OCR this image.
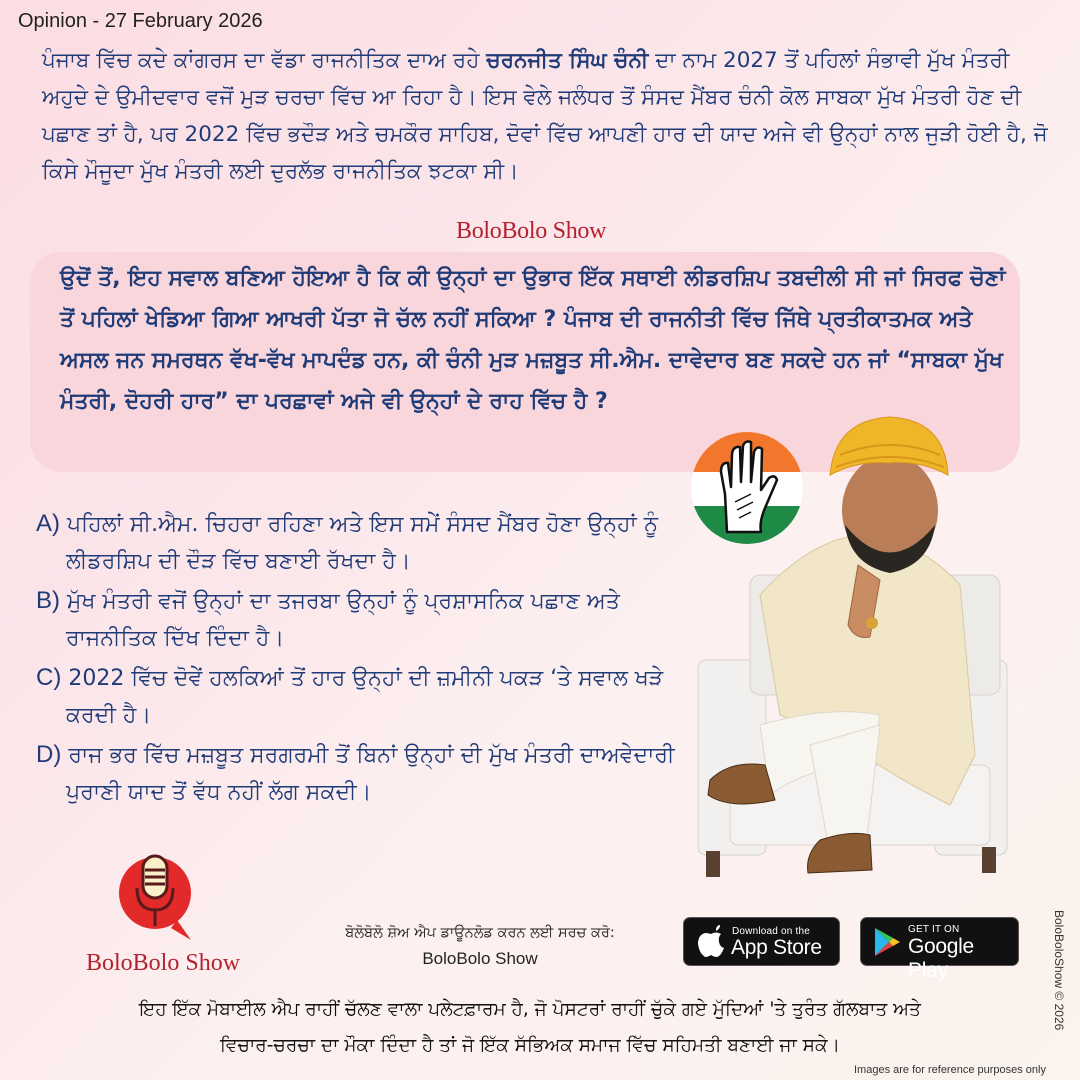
Opinion - 27 February 2026
ਪੰਜਾਬ ਵਿੱਚ ਕਦੇ ਕਾਂਗਰਸ ਦਾ ਵੱਡਾ ਰਾਜਨੀਤਿਕ ਦਾਅ ਰਹੇ ਚਰਨਜੀਤ ਸਿੰਘ ਚੰਨੀ ਦਾ ਨਾਮ 2027 ਤੋਂ ਪਹਿਲਾਂ ਸੰਭਾਵੀ ਮੁੱਖ ਮੰਤਰੀ ਅਹੁਦੇ ਦੇ ਉਮੀਦਵਾਰ ਵਜੋਂ ਮੁੜ ਚਰਚਾ ਵਿੱਚ ਆ ਰਿਹਾ ਹੈ। ਇਸ ਵੇਲੇ ਜਲੰਧਰ ਤੋਂ ਸੰਸਦ ਮੈਂਬਰ ਚੰਨੀ ਕੋਲ ਸਾਬਕਾ ਮੁੱਖ ਮੰਤਰੀ ਹੋਣ ਦੀ ਪਛਾਣ ਤਾਂ ਹੈ, ਪਰ 2022 ਵਿੱਚ ਭਦੌੜ ਅਤੇ ਚਮਕੌਰ ਸਾਹਿਬ, ਦੋਵਾਂ ਵਿੱਚ ਆਪਣੀ ਹਾਰ ਦੀ ਯਾਦ ਅਜੇ ਵੀ ਉਨ੍ਹਾਂ ਨਾਲ ਜੁੜੀ ਹੋਈ ਹੈ, ਜੋ ਕਿਸੇ ਮੌਜੂਦਾ ਮੁੱਖ ਮੰਤਰੀ ਲਈ ਦੁਰਲੱਭ ਰਾਜਨੀਤਿਕ ਝਟਕਾ ਸੀ।
BoloBolo Show
ਉਦੋਂ ਤੋਂ, ਇਹ ਸਵਾਲ ਬਣਿਆ ਹੋਇਆ ਹੈ ਕਿ ਕੀ ਉਨ੍ਹਾਂ ਦਾ ਉਭਾਰ ਇੱਕ ਸਥਾਈ ਲੀਡਰਸ਼ਿਪ ਤਬਦੀਲੀ ਸੀ ਜਾਂ ਸਿਰਫ ਚੋਣਾਂ ਤੋਂ ਪਹਿਲਾਂ ਖੇਡਿਆ ਗਿਆ ਆਖਰੀ ਪੱਤਾ ਜੋ ਚੱਲ ਨਹੀਂ ਸਕਿਆ ? ਪੰਜਾਬ ਦੀ ਰਾਜਨੀਤੀ ਵਿੱਚ ਜਿੱਥੇ ਪ੍ਰਤੀਕਾਤਮਕ ਅਤੇ ਅਸਲ ਜਨ ਸਮਰਥਨ ਵੱਖ-ਵੱਖ ਮਾਪਦੰਡ ਹਨ, ਕੀ ਚੰਨੀ ਮੁੜ ਮਜ਼ਬੂਤ ਸੀ.ਐਮ. ਦਾਵੇਦਾਰ ਬਣ ਸਕਦੇ ਹਨ ਜਾਂ “ਸਾਬਕਾ ਮੁੱਖ ਮੰਤਰੀ, ਦੋਹਰੀ ਹਾਰ” ਦਾ ਪਰਛਾਵਾਂ ਅਜੇ ਵੀ ਉਨ੍ਹਾਂ ਦੇ ਰਾਹ ਵਿੱਚ ਹੈ ?
A) ਪਹਿਲਾਂ ਸੀ.ਐਮ. ਚਿਹਰਾ ਰਹਿਣਾ ਅਤੇ ਇਸ ਸਮੇਂ ਸੰਸਦ ਮੈਂਬਰ ਹੋਣਾ ਉਨ੍ਹਾਂ ਨੂੰ ਲੀਡਰਸ਼ਿਪ ਦੀ ਦੌੜ ਵਿੱਚ ਬਣਾਈ ਰੱਖਦਾ ਹੈ।
B) ਮੁੱਖ ਮੰਤਰੀ ਵਜੋਂ ਉਨ੍ਹਾਂ ਦਾ ਤਜਰਬਾ ਉਨ੍ਹਾਂ ਨੂੰ ਪ੍ਰਸ਼ਾਸਨਿਕ ਪਛਾਣ ਅਤੇ ਰਾਜਨੀਤਿਕ ਦਿੱਖ ਦਿੰਦਾ ਹੈ।
C) 2022 ਵਿੱਚ ਦੋਵੇਂ ਹਲਕਿਆਂ ਤੋਂ ਹਾਰ ਉਨ੍ਹਾਂ ਦੀ ਜ਼ਮੀਨੀ ਪਕੜ ‘ਤੇ ਸਵਾਲ ਖੜੇ ਕਰਦੀ ਹੈ।
D) ਰਾਜ ਭਰ ਵਿੱਚ ਮਜ਼ਬੂਤ ਸਰਗਰਮੀ ਤੋਂ ਬਿਨਾਂ ਉਨ੍ਹਾਂ ਦੀ ਮੁੱਖ ਮੰਤਰੀ ਦਾਅਵੇਦਾਰੀ ਪੁਰਾਣੀ ਯਾਦ ਤੋਂ ਵੱਧ ਨਹੀਂ ਲੱਗ ਸਕਦੀ।
BoloBolo Show
ਬੋਲੋਬੋਲੋ ਸ਼ੋਅ ਐਪ ਡਾਊਨਲੋਡ ਕਰਨ ਲਈ ਸਰਚ ਕਰੋ:
BoloBolo Show
Download on the
App Store
GET IT ON
Google Play	BoloBoloShow © 2026
ਇਹ ਇੱਕ ਮੋਬਾਈਲ ਐਪ ਰਾਹੀਂ ਚੱਲਣ ਵਾਲਾ ਪਲੇਟਫ਼ਾਰਮ ਹੈ, ਜੋ ਪੋਸਟਰਾਂ ਰਾਹੀਂ ਚੁੱਕੇ ਗਏ ਮੁੱਦਿਆਂ 'ਤੇ ਤੁਰੰਤ ਗੱਲਬਾਤ ਅਤੇ
ਵਿਚਾਰ-ਚਰਚਾ ਦਾ ਮੌਕਾ ਦਿੰਦਾ ਹੈ ਤਾਂ ਜੋ ਇੱਕ ਸੱਭਿਅਕ ਸਮਾਜ ਵਿੱਚ ਸਹਿਮਤੀ ਬਣਾਈ ਜਾ ਸਕੇ।
Images are for reference purposes only
